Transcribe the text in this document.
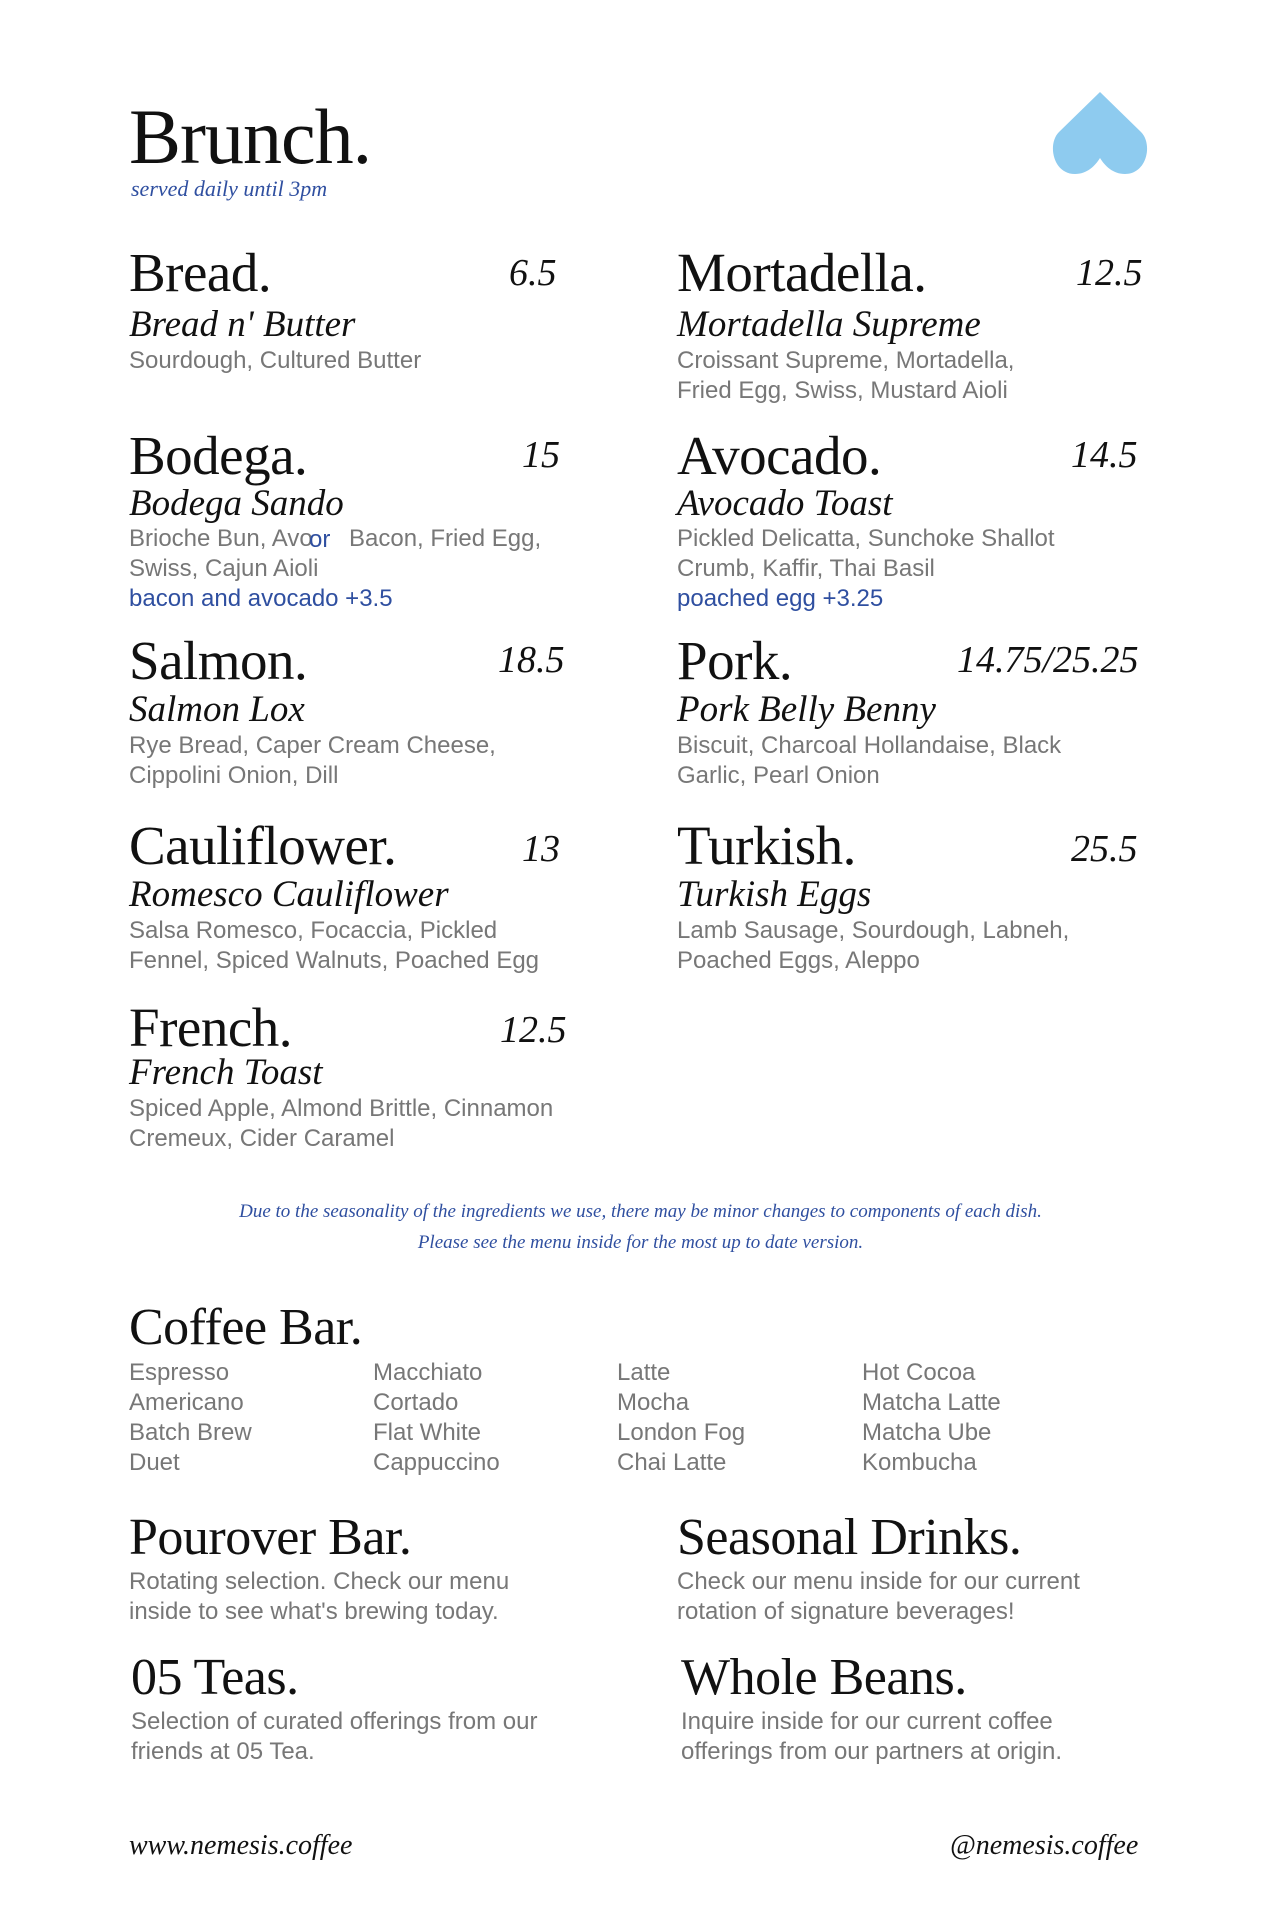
Brunch.
served daily until 3pm
Bread.	6.5
Bread n' Butter
Sourdough, Cultured Butter
Bodega.	15
Bodega Sando
Brioche Bun, Avo
or Bacon, Fried Egg,
Swiss, Cajun Aioli
bacon and avocado +3.5
Salmon.	18.5
Salmon Lox
Rye Bread, Caper Cream Cheese,
Cippolini Onion, Dill
Cauliflower.	13
Romesco Cauliflower
Salsa Romesco, Focaccia, Pickled
Fennel, Spiced Walnuts, Poached Egg
French.	12.5
French Toast
Spiced Apple, Almond Brittle, Cinnamon
Cremeux, Cider Caramel
Mortadella.	12.5
Mortadella Supreme
Croissant Supreme, Mortadella,
Fried Egg, Swiss, Mustard Aioli
Avocado.	14.5
Avocado Toast
Pickled Delicatta, Sunchoke Shallot
Crumb, Kaffir, Thai Basil
poached egg +3.25
Pork.	14.75/25.25
Pork Belly Benny
Biscuit, Charcoal Hollandaise, Black
Garlic, Pearl Onion
Turkish.	25.5
Turkish Eggs
Lamb Sausage, Sourdough, Labneh,
Poached Eggs, Aleppo
Due to the seasonality of the ingredients we use, there may be minor changes to components of each dish.
Please see the menu inside for the most up to date version.
Coffee Bar.
Espresso
Americano
Batch Brew
Duet
Macchiato
Cortado
Flat White
Cappuccino
Latte
Mocha
London Fog
Chai Latte
Hot Cocoa
Matcha Latte
Matcha Ube
Kombucha
Pourover Bar.
Rotating selection. Check our menu
inside to see what's brewing today.
Seasonal Drinks.
Check our menu inside for our current
rotation of signature beverages!
05 Teas.
Selection of curated offerings from our
friends at 05 Tea.
Whole Beans.
Inquire inside for our current coffee
offerings from our partners at origin.
www.nemesis.coffee	@nemesis.coffee
